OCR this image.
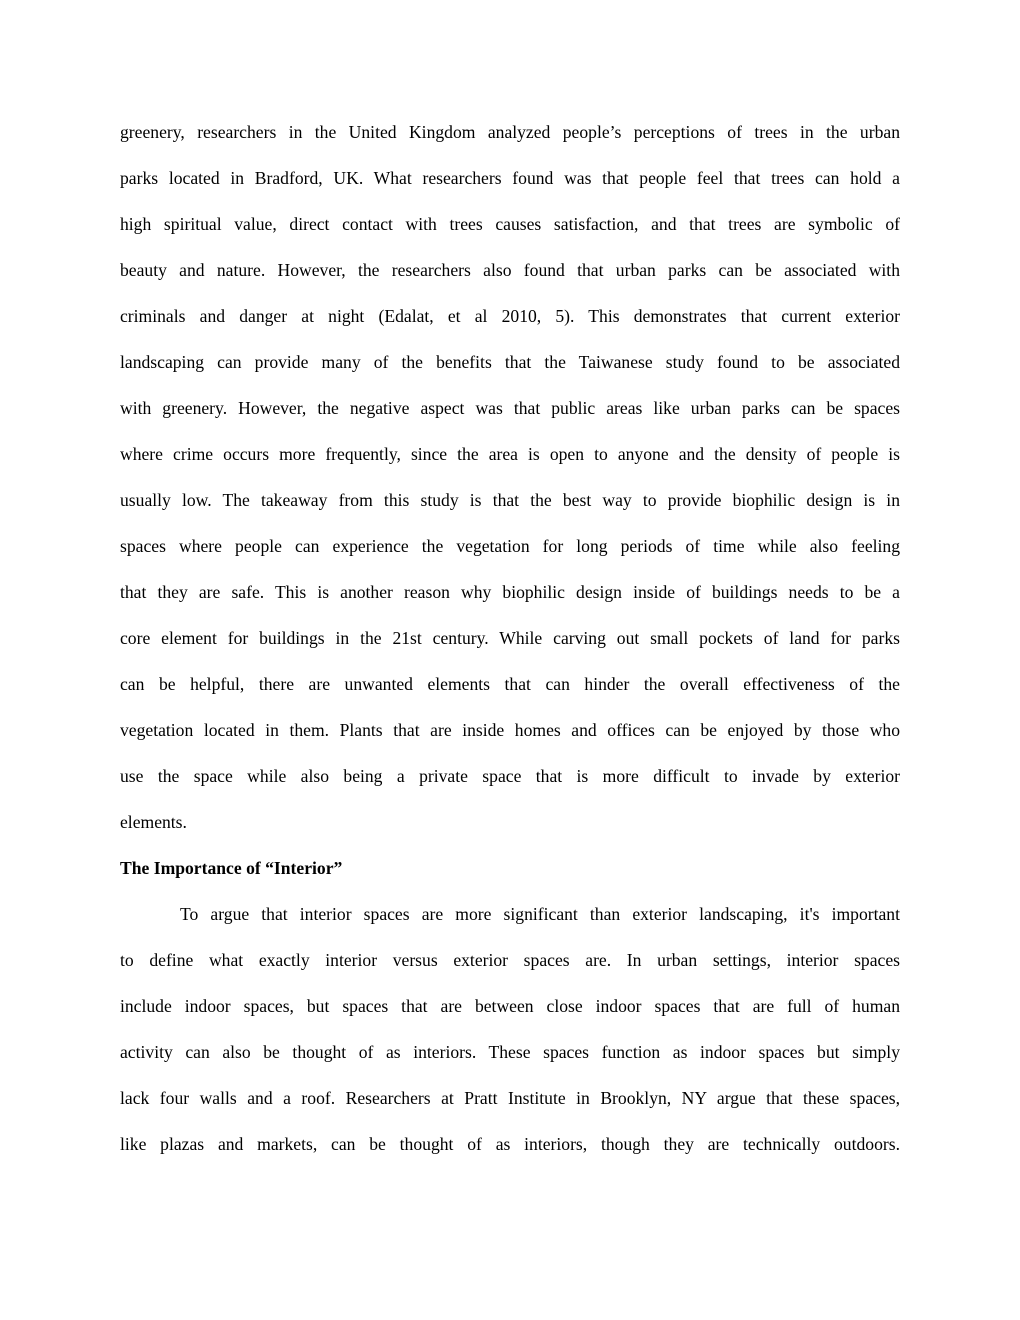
greenery, researchers in the United Kingdom analyzed people’s perceptions of trees in the urban
parks located in Bradford, UK. What researchers found was that people feel that trees can hold a
high spiritual value, direct contact with trees causes satisfaction, and that trees are symbolic of
beauty and nature. However, the researchers also found that urban parks can be associated with
criminals and danger at night (Edalat, et al 2010, 5). This demonstrates that current exterior
landscaping can provide many of the benefits that the Taiwanese study found to be associated
with greenery. However, the negative aspect was that public areas like urban parks can be spaces
where crime occurs more frequently, since the area is open to anyone and the density of people is
usually low. The takeaway from this study is that the best way to provide biophilic design is in
spaces where people can experience the vegetation for long periods of time while also feeling
that they are safe. This is another reason why biophilic design inside of buildings needs to be a
core element for buildings in the 21st century. While carving out small pockets of land for parks
can be helpful, there are unwanted elements that can hinder the overall effectiveness of the
vegetation located in them. Plants that are inside homes and offices can be enjoyed by those who
use the space while also being a private space that is more difficult to invade by exterior
elements.
The Importance of “Interior”
To argue that interior spaces are more significant than exterior landscaping, it's important
to define what exactly interior versus exterior spaces are. In urban settings, interior spaces
include indoor spaces, but spaces that are between close indoor spaces that are full of human
activity can also be thought of as interiors. These spaces function as indoor spaces but simply
lack four walls and a roof. Researchers at Pratt Institute in Brooklyn, NY argue that these spaces,
like plazas and markets, can be thought of as interiors, though they are technically outdoors.
